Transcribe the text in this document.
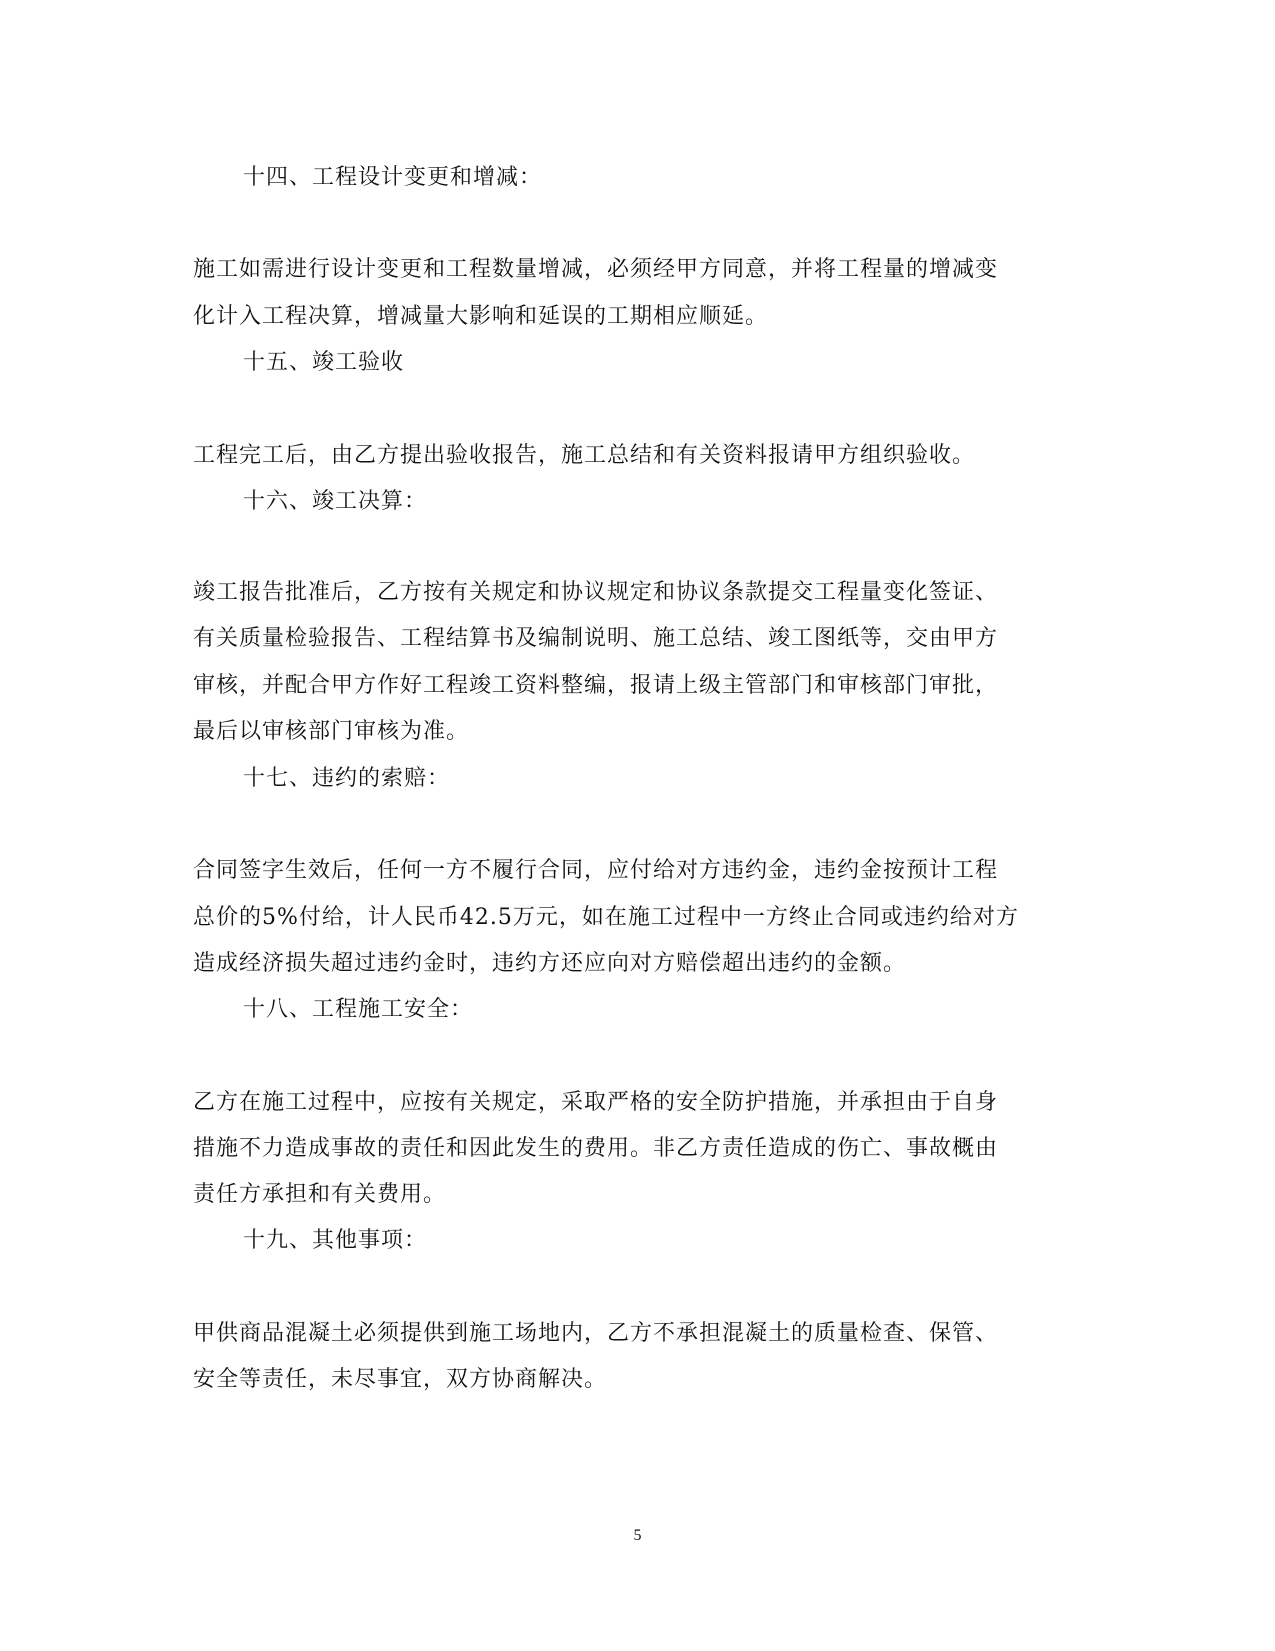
十四、工程设计变更和增减：
施工如需进行设计变更和工程数量增减，必须经甲方同意，并将工程量的增减变
化计入工程决算，增减量大影响和延误的工期相应顺延。
十五、竣工验收
工程完工后，由乙方提出验收报告，施工总结和有关资料报请甲方组织验收。
十六、竣工决算：
竣工报告批准后，乙方按有关规定和协议规定和协议条款提交工程量变化签证、
有关质量检验报告、工程结算书及编制说明、施工总结、竣工图纸等，交由甲方
审核，并配合甲方作好工程竣工资料整编，报请上级主管部门和审核部门审批，
最后以审核部门审核为准。
十七、违约的索赔：
合同签字生效后，任何一方不履行合同，应付给对方违约金，违约金按预计工程
总价的5%付给，计人民币42.5万元，如在施工过程中一方终止合同或违约给对方
造成经济损失超过违约金时，违约方还应向对方赔偿超出违约的金额。
十八、工程施工安全：
乙方在施工过程中，应按有关规定，采取严格的安全防护措施，并承担由于自身
措施不力造成事故的责任和因此发生的费用。非乙方责任造成的伤亡、事故概由
责任方承担和有关费用。
十九、其他事项：
甲供商品混凝土必须提供到施工场地内，乙方不承担混凝土的质量检查、保管、
安全等责任，未尽事宜，双方协商解决。
5
